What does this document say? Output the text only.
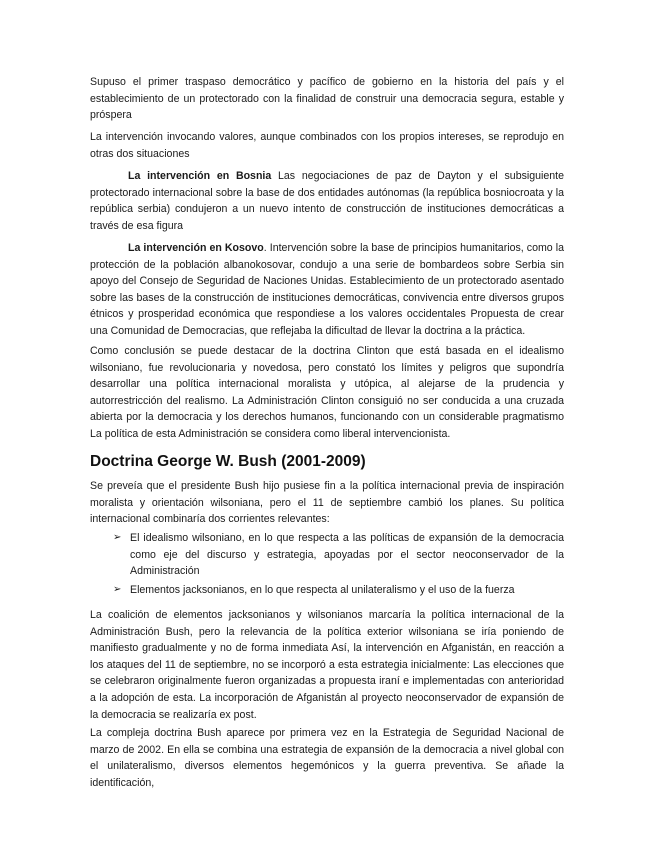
Supuso el primer traspaso democrático y pacífico de gobierno en la historia del país y el establecimiento de un protectorado con la finalidad de construir una democracia segura, estable y próspera

La intervención invocando valores, aunque combinados con los propios intereses, se reprodujo en otras dos situaciones

La intervención en Bosnia Las negociaciones de paz de Dayton y el subsiguiente protectorado internacional sobre la base de dos entidades autónomas (la república bosniocroata y la república serbia) condujeron a un nuevo intento de construcción de instituciones democráticas a través de esa figura

La intervención en Kosovo. Intervención sobre la base de principios humanitarios, como la protección de la población albanokosovar, condujo a una serie de bombardeos sobre Serbia sin apoyo del Consejo de Seguridad de Naciones Unidas. Establecimiento de un protectorado asentado sobre las bases de la construcción de instituciones democráticas, convivencia entre diversos grupos étnicos y prosperidad económica que respondiese a los valores occidentales Propuesta de crear una Comunidad de Democracias, que reflejaba la dificultad de llevar la doctrina a la práctica.

Como conclusión se puede destacar de la doctrina Clinton que está basada en el idealismo wilsoniano, fue revolucionaria y novedosa, pero constató los límites y peligros que supondría desarrollar una política internacional moralista y utópica, al alejarse de la prudencia y autorrestricción del realismo. La Administración Clinton consiguió no ser conducida a una cruzada abierta por la democracia y los derechos humanos, funcionando con un considerable pragmatismo La política de esta Administración se considera como liberal intervencionista.

Doctrina George W. Bush (2001-2009)

Se preveía que el presidente Bush hijo pusiese fin a la política internacional previa de inspiración moralista y orientación wilsoniana, pero el 11 de septiembre cambió los planes. Su política internacional combinaría dos corrientes relevantes:

➢ El idealismo wilsoniano, en lo que respecta a las políticas de expansión de la democracia como eje del discurso y estrategia, apoyadas por el sector neoconservador de la Administración
➢ Elementos jacksonianos, en lo que respecta al unilateralismo y el uso de la fuerza

La coalición de elementos jacksonianos y wilsonianos marcaría la política internacional de la Administración Bush, pero la relevancia de la política exterior wilsoniana se iría poniendo de manifiesto gradualmente y no de forma inmediata Así, la intervención en Afganistán, en reacción a los ataques del 11 de septiembre, no se incorporó a esta estrategia inicialmente: Las elecciones que se celebraron originalmente fueron organizadas a propuesta iraní e implementadas con anterioridad a la adopción de esta. La incorporación de Afganistán al proyecto neoconservador de expansión de la democracia se realizaría ex post.

La compleja doctrina Bush aparece por primera vez en la Estrategia de Seguridad Nacional de marzo de 2002. En ella se combina una estrategia de expansión de la democracia a nivel global con el unilateralismo, diversos elementos hegemónicos y la guerra preventiva. Se añade la identificación,
